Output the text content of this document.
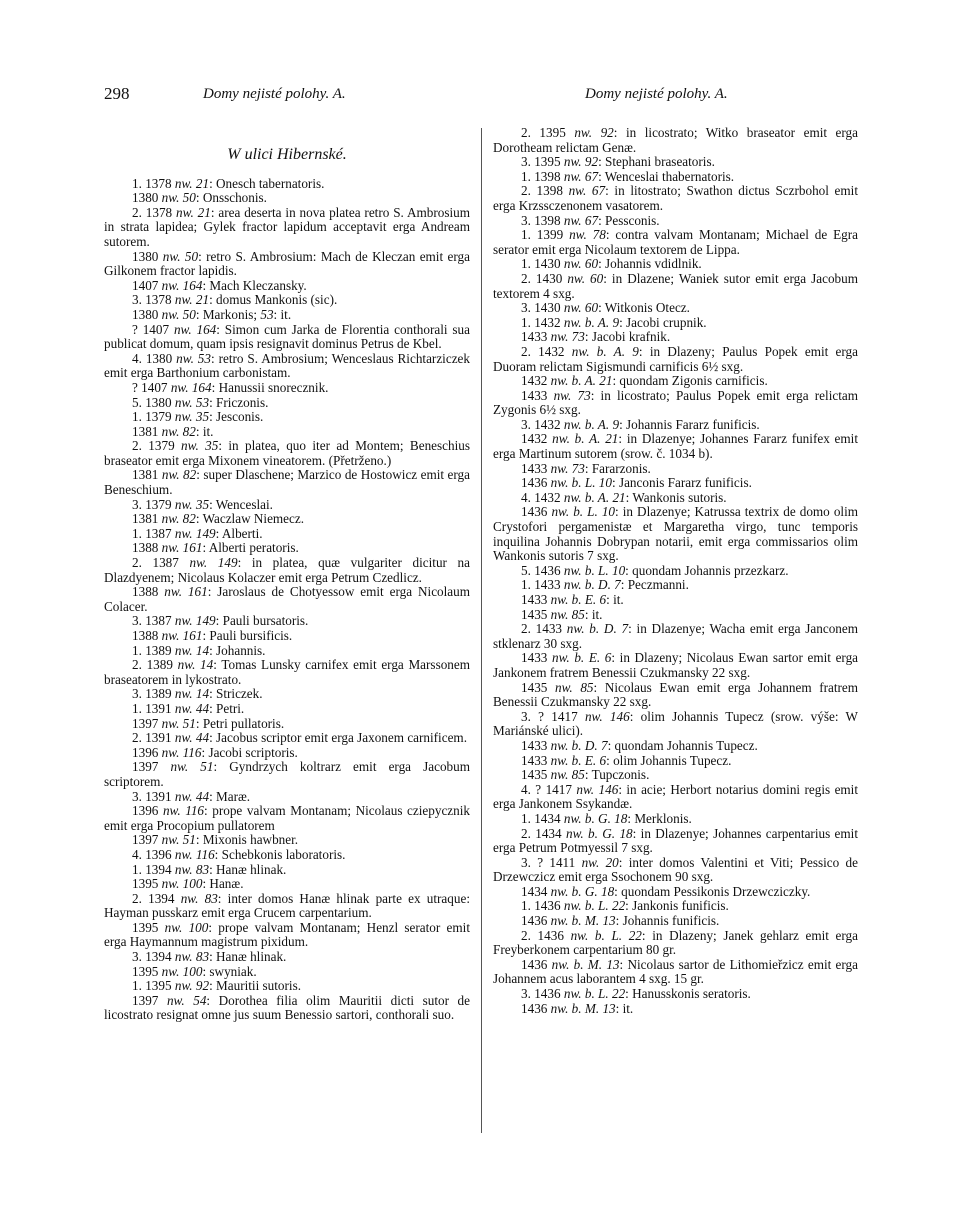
298	Domy nejisté polohy. A.	Domy nejisté polohy. A.

W ulici Hibernské.

1. 1378 nw. 21: Onesch tabernatoris.

1380 nw. 50: Onsschonis.

2. 1378 nw. 21: area deserta in nova platea retro S. Ambrosium in strata lapidea; Gylek fractor lapidum acceptavit erga Andream sutorem.

1380 nw. 50: retro S. Ambrosium: Mach de Kleczan emit erga Gilkonem fractor lapidis.

1407 nw. 164: Mach Kleczansky.

3. 1378 nw. 21: domus Mankonis (sic).

1380 nw. 50: Markonis; 53: it.

? 1407 nw. 164: Simon cum Jarka de Florentia conthorali sua publicat domum, quam ipsis resignavit dominus Petrus de Kbel.

4. 1380 nw. 53: retro S. Ambrosium; Wenceslaus Richtarziczek emit erga Barthonium carbonistam.

? 1407 nw. 164: Hanussii snorecznik.

5. 1380 nw. 53: Friczonis.

1. 1379 nw. 35: Jesconis.

1381 nw. 82: it.

2. 1379 nw. 35: in platea, quo iter ad Montem; Beneschius braseator emit erga Mixonem vineatorem. (Přetrženo.)

1381 nw. 82: super Dlaschene; Marzico de Hostowicz emit erga Beneschium.

3. 1379 nw. 35: Wenceslai.

1381 nw. 82: Waczlaw Niemecz.

1. 1387 nw. 149: Alberti.

1388 nw. 161: Alberti peratoris.

2. 1387 nw. 149: in platea, quæ vulgariter dicitur na Dlazdyenem; Nicolaus Kolaczer emit erga Petrum Czedlicz.

1388 nw. 161: Jaroslaus de Chotyessow emit erga Nicolaum Colacer.

3. 1387 nw. 149: Pauli bursatoris.

1388 nw. 161: Pauli bursificis.

1. 1389 nw. 14: Johannis.

2. 1389 nw. 14: Tomas Lunsky carnifex emit erga Marssonem braseatorem in lykostrato.

3. 1389 nw. 14: Striczek.

1. 1391 nw. 44: Petri.

1397 nw. 51: Petri pullatoris.

2. 1391 nw. 44: Jacobus scriptor emit erga Jaxonem carnificem.

1396 nw. 116: Jacobi scriptoris.

1397 nw. 51: Gyndrzych koltrarz emit erga Jacobum scriptorem.

3. 1391 nw. 44: Maræ.

1396 nw. 116: prope valvam Montanam; Nicolaus cziepycznik emit erga Procopium pullatorem

1397 nw. 51: Mixonis hawbner.

4. 1396 nw. 116: Schebkonis laboratoris.

1. 1394 nw. 83: Hanæ hlinak.

1395 nw. 100: Hanæ.

2. 1394 nw. 83: inter domos Hanæ hlinak parte ex utraque: Hayman pusskarz emit erga Crucem carpentarium.

1395 nw. 100: prope valvam Montanam; Henzl serator emit erga Haymannum magistrum pixidum.

3. 1394 nw. 83: Hanæ hlinak.

1395 nw. 100: swyniak.

1. 1395 nw. 92: Mauritii sutoris.

1397 nw. 54: Dorothea filia olim Mauritii dicti sutor de licostrato resignat omne jus suum Benessio sartori, conthorali suo.

2. 1395 nw. 92: in licostrato; Witko braseator emit erga Dorotheam relictam Genæ.

3. 1395 nw. 92: Stephani braseatoris.

1. 1398 nw. 67: Wenceslai thabernatoris.

2. 1398 nw. 67: in litostrato; Swathon dictus Sczrbohol emit erga Krzssczenonem vasatorem.

3. 1398 nw. 67: Pessconis.

1. 1399 nw. 78: contra valvam Montanam; Michael de Egra serator emit erga Nicolaum textorem de Lippa.

1. 1430 nw. 60: Johannis vdidlnik.

2. 1430 nw. 60: in Dlazene; Waniek sutor emit erga Jacobum textorem 4 sxg.

3. 1430 nw. 60: Witkonis Otecz.

1. 1432 nw. b. A. 9: Jacobi crupnik.

1433 nw. 73: Jacobi krafnik.

2. 1432 nw. b. A. 9: in Dlazeny; Paulus Popek emit erga Duoram relictam Sigismundi carnificis 6½ sxg.

1432 nw. b. A. 21: quondam Zigonis carnificis.

1433 nw. 73: in licostrato; Paulus Popek emit erga relictam Zygonis 6½ sxg.

3. 1432 nw. b. A. 9: Johannis Fararz funificis.

1432 nw. b. A. 21: in Dlazenye; Johannes Fararz funifex emit erga Martinum sutorem (srow. č. 1034 b).

1433 nw. 73: Fararzonis.

1436 nw. b. L. 10: Janconis Fararz funificis.

4. 1432 nw. b. A. 21: Wankonis sutoris.

1436 nw. b. L. 10: in Dlazenye; Katrussa textrix de domo olim Crystofori pergamenistæ et Margaretha virgo, tunc temporis inquilina Johannis Dobrypan notarii, emit erga commissarios olim Wankonis sutoris 7 sxg.

5. 1436 nw. b. L. 10: quondam Johannis przezkarz.

1. 1433 nw. b. D. 7: Peczmanni.

1433 nw. b. E. 6: it.

1435 nw. 85: it.

2. 1433 nw. b. D. 7: in Dlazenye; Wacha emit erga Janconem stklenarz 30 sxg.

1433 nw. b. E. 6: in Dlazeny; Nicolaus Ewan sartor emit erga Jankonem fratrem Benessii Czukmansky 22 sxg.

1435 nw. 85: Nicolaus Ewan emit erga Johannem fratrem Benessii Czukmansky 22 sxg.

3. ? 1417 nw. 146: olim Johannis Tupecz (srow. výše: W Mariánské ulici).

1433 nw. b. D. 7: quondam Johannis Tupecz.

1433 nw. b. E. 6: olim Johannis Tupecz.

1435 nw. 85: Tupczonis.

4. ? 1417 nw. 146: in acie; Herbort notarius domini regis emit erga Jankonem Ssykandæ.

1. 1434 nw. b. G. 18: Merklonis.

2. 1434 nw. b. G. 18: in Dlazenye; Johannes carpentarius emit erga Petrum Potmyessil 7 sxg.

3. ? 1411 nw. 20: inter domos Valentini et Viti; Pessico de Drzewczicz emit erga Ssochonem 90 sxg.

1434 nw. b. G. 18: quondam Pessikonis Drzewcziczky.

1. 1436 nw. b. L. 22: Jankonis funificis.

1436 nw. b. M. 13: Johannis funificis.

2. 1436 nw. b. L. 22: in Dlazeny; Janek gehlarz emit erga Freyberkonem carpentarium 80 gr.

1436 nw. b. M. 13: Nicolaus sartor de Lithomieřzicz emit erga Johannem acus laborantem 4 sxg. 15 gr.

3. 1436 nw. b. L. 22: Hanusskonis seratoris.

1436 nw. b. M. 13: it.
